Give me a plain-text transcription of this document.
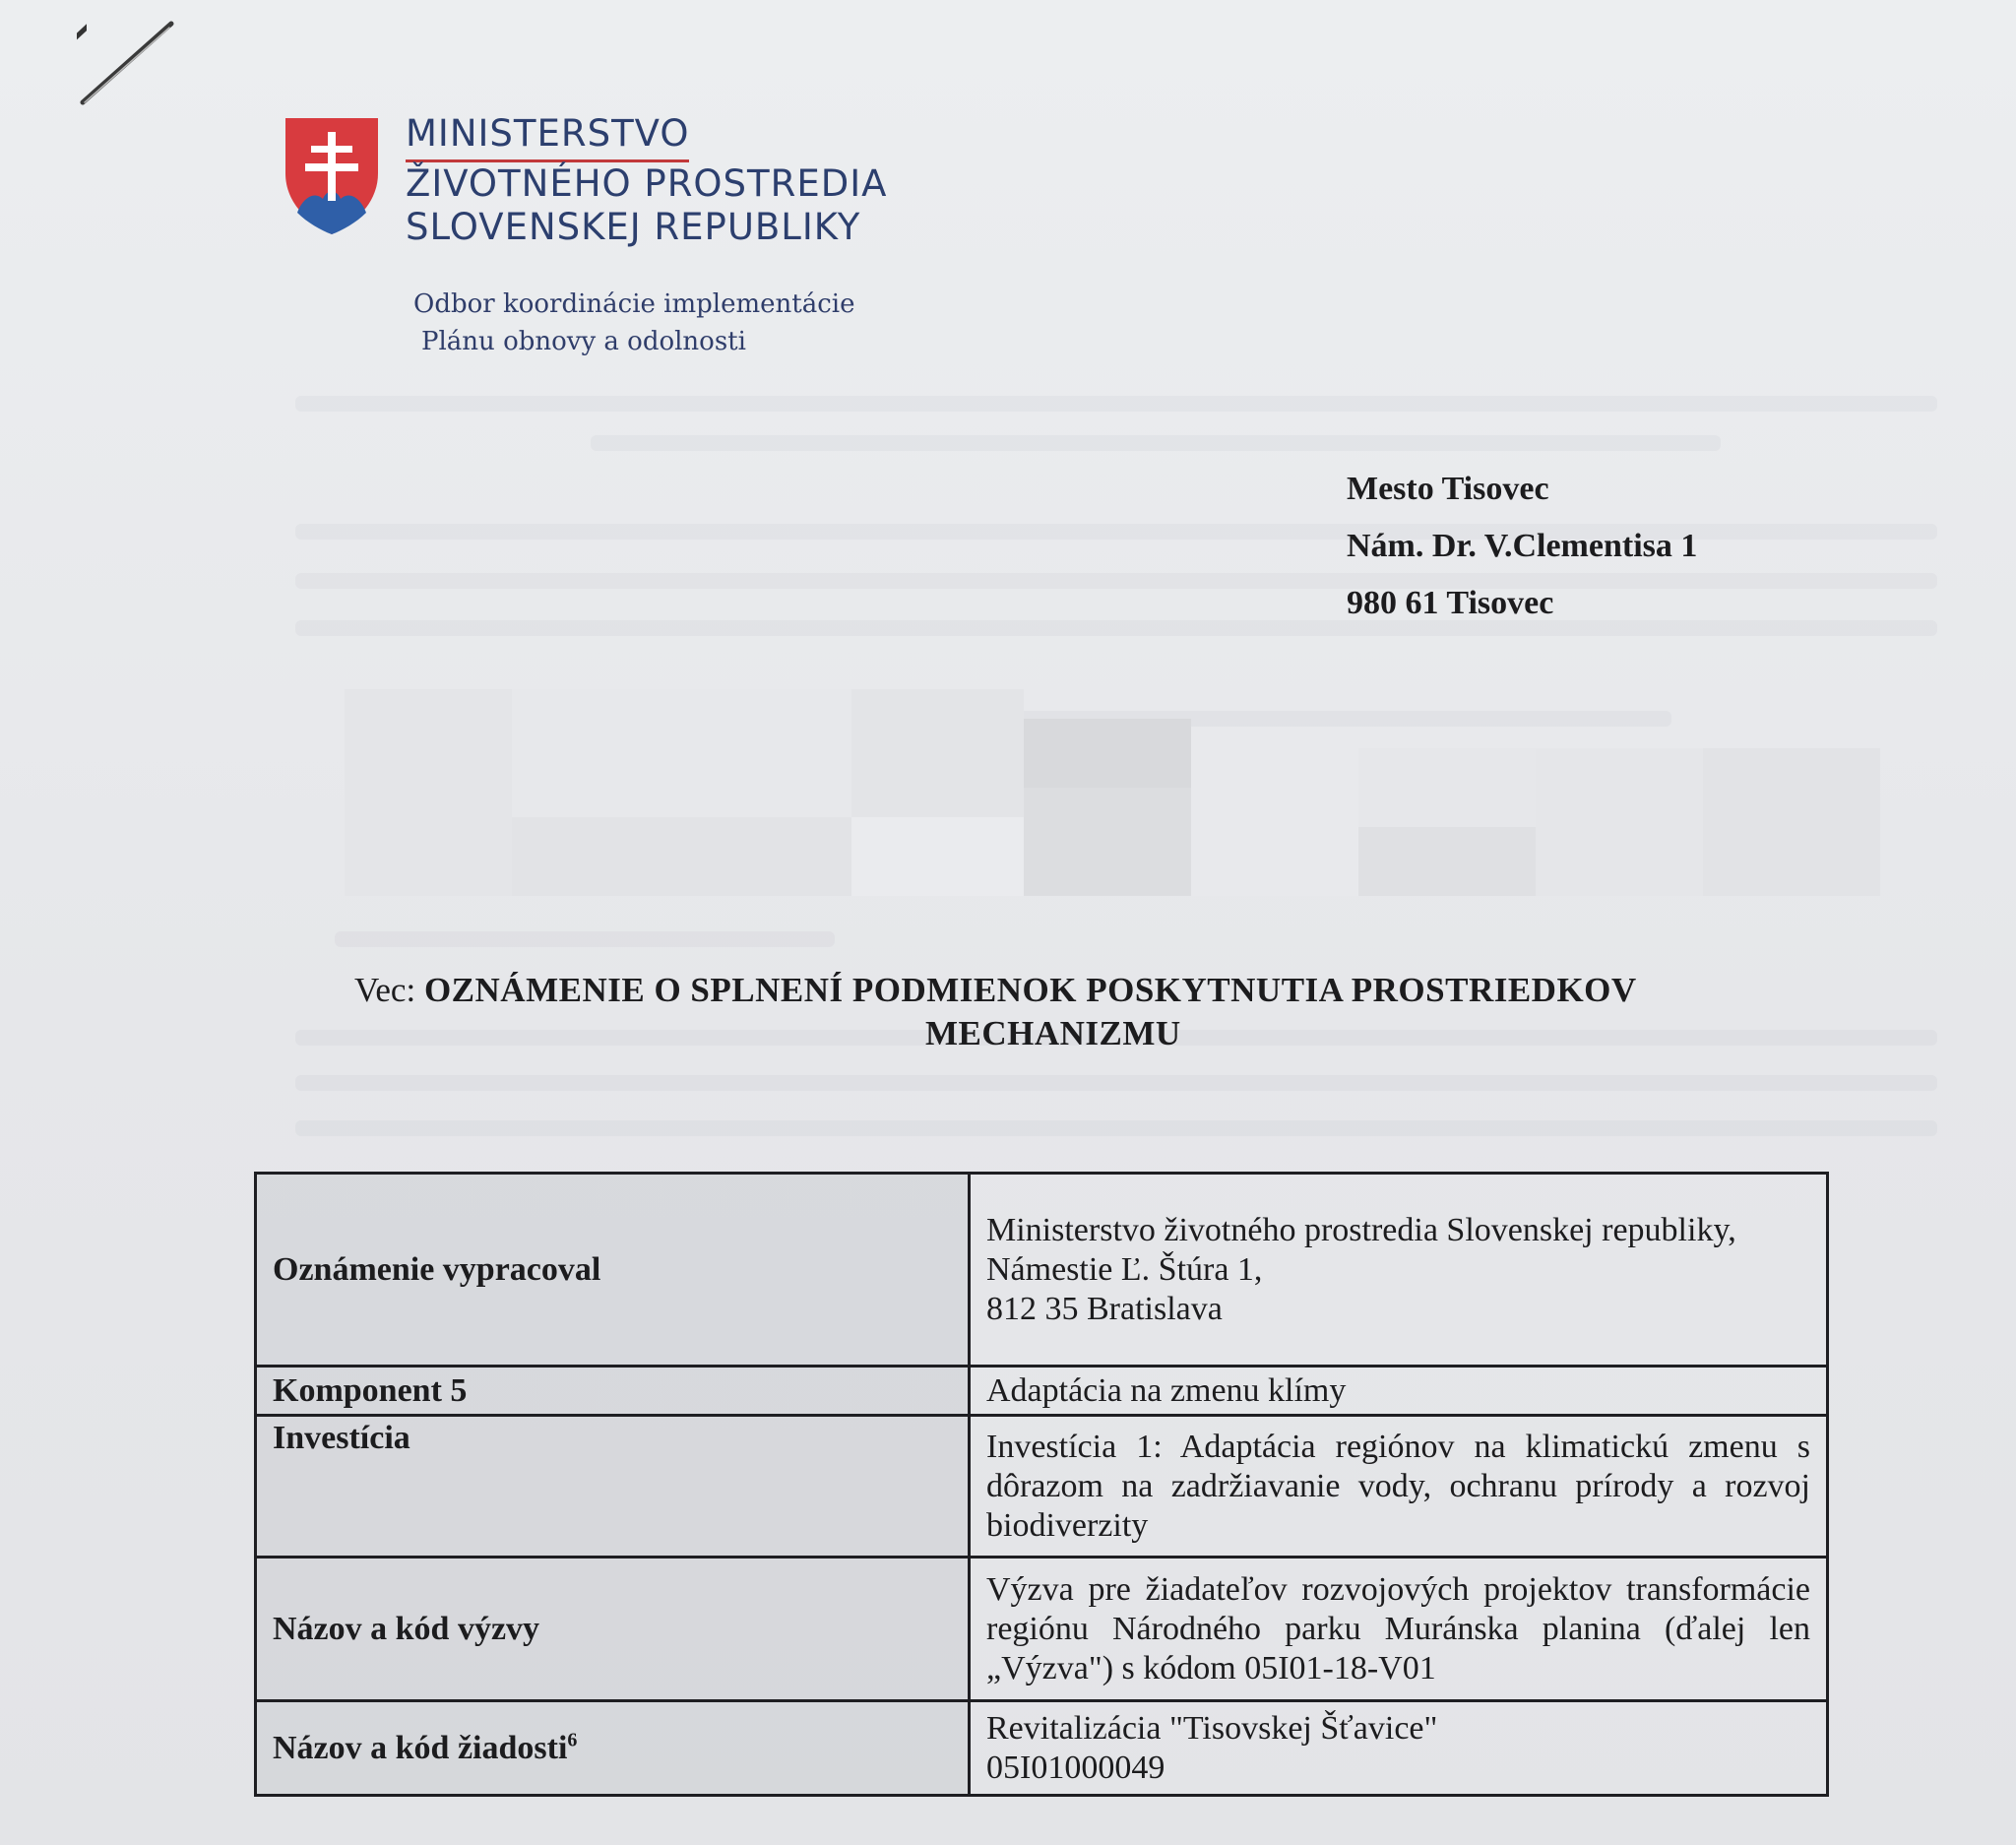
MINISTERSTVO
ŽIVOTNÉHO PROSTREDIA
SLOVENSKEJ REPUBLIKY
Odbor koordinácie implementácie
Plánu obnovy a odolnosti
Mesto Tisovec
Nám. Dr. V.Clementisa 1
980 61 Tisovec
Vec: OZNÁMENIE O SPLNENÍ PODMIENOK POSKYTNUTIA PROSTRIEDKOV
MECHANIZMU
Oznámenie vypracoval	Ministerstvo životného prostredia Slovenskej republiky,
Námestie Ľ. Štúra 1,
812 35 Bratislava

Komponent 5	Adaptácia na zmenu klímy

Investícia	Investícia 1: Adaptácia regiónov na klimatickú zmenu s dôrazom na zadržiavanie vody, ochranu prírody a rozvoj biodiverzity

Názov a kód výzvy	Výzva pre žiadateľov rozvojových projektov transformácie regiónu Národného parku Muránska planina (ďalej len „Výzva") s kódom 05I01-18-V01

Názov a kód žiadosti$^6$	Revitalizácia "Tisovskej Šťavice"
05I01000049
